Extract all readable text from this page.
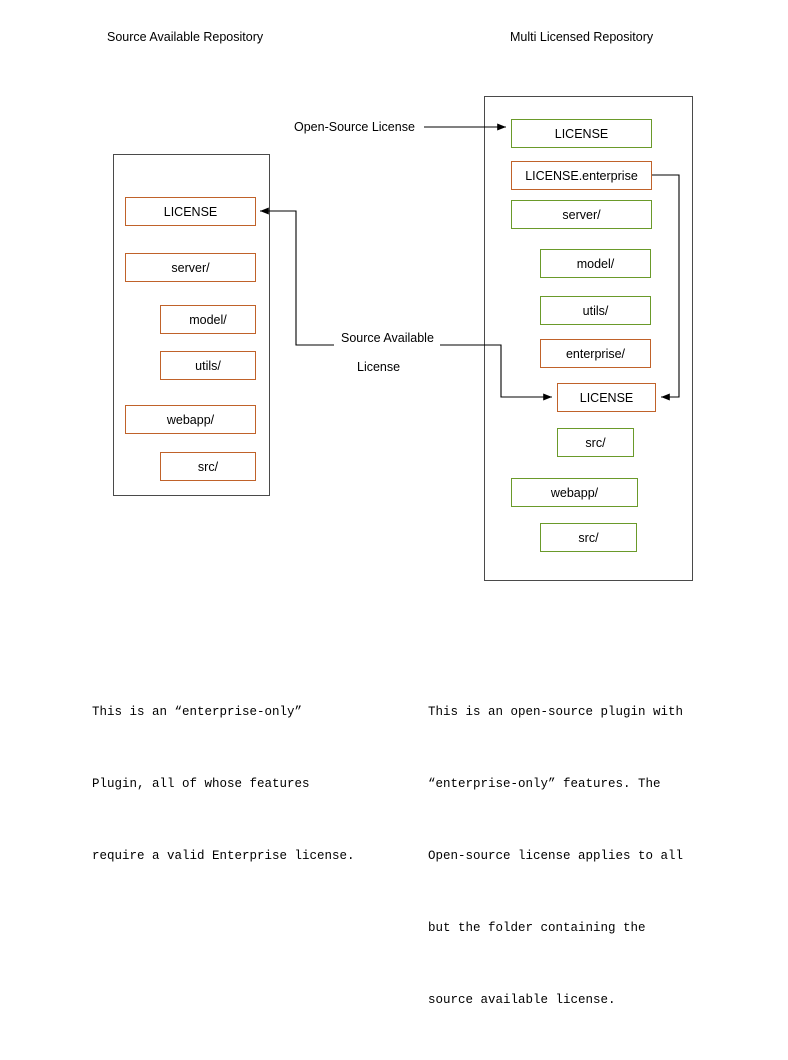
Source Available Repository	Multi Licensed Repository
LICENSE
server/
model/
utils/
webapp/
src/
LICENSE
LICENSE.enterprise
server/
model/
utils/
enterprise/
LICENSE
src/
webapp/
src/
Open-Source License
Source Available
License

This is an “enterprise-only”

Plugin, all of whose features

require a valid Enterprise license.

This is an open-source plugin with

“enterprise-only” features. The

Open-source license applies to all

but the folder containing the

source available license.
